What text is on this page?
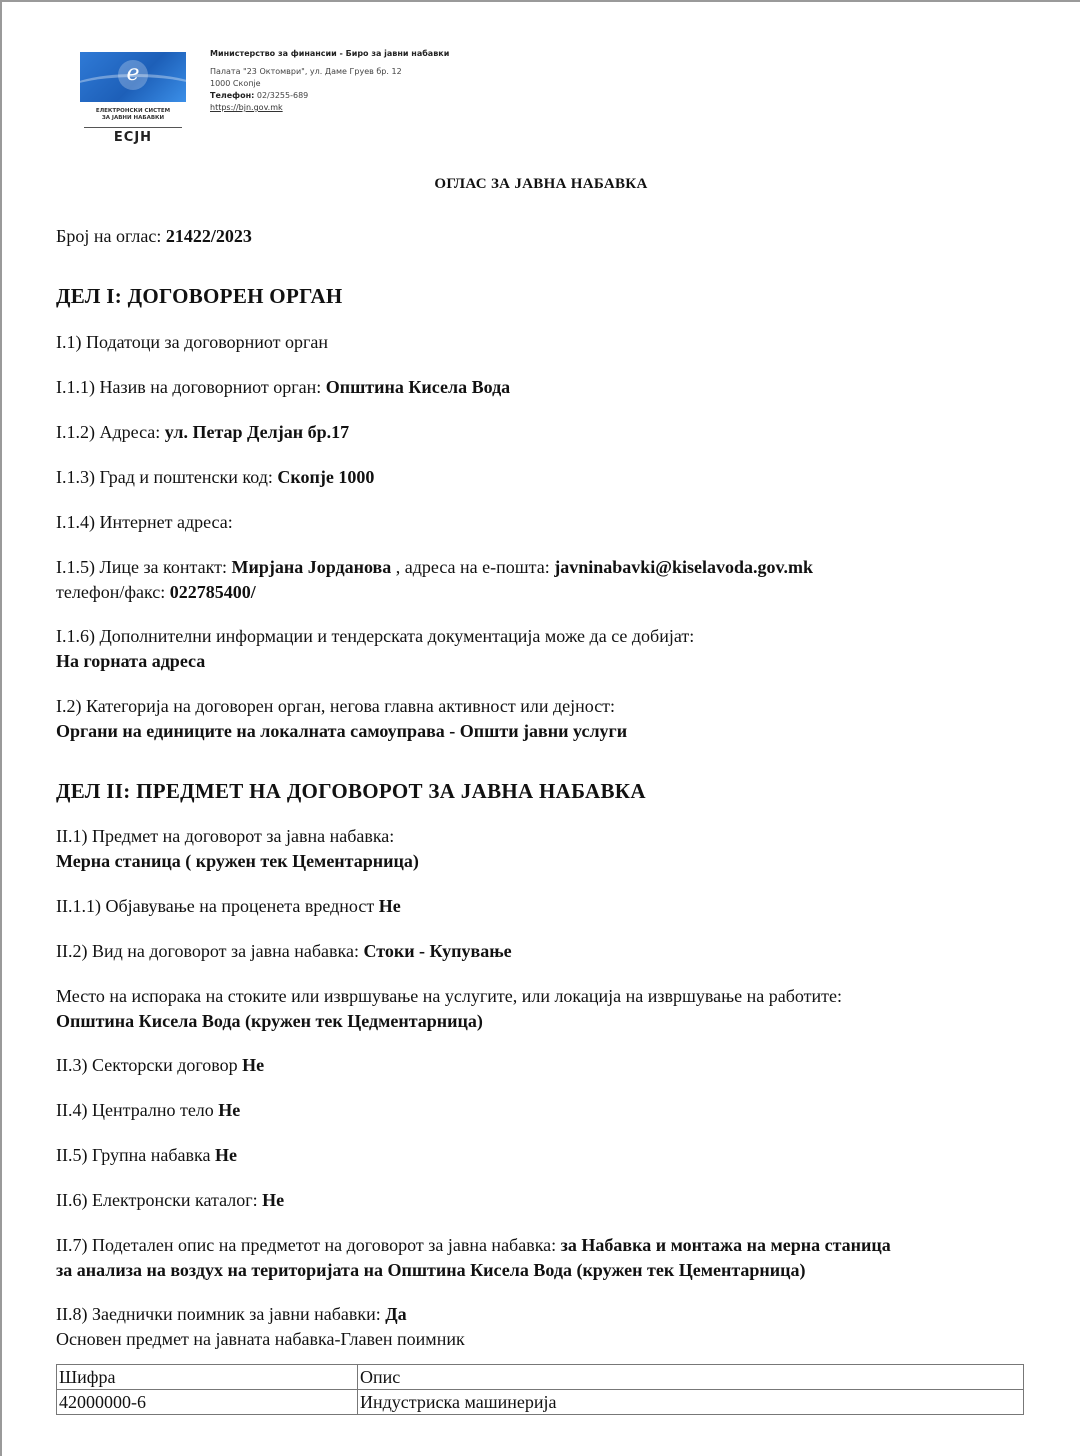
e
ЕЛЕКТРОНСКИ СИСТЕМ
ЗА ЈАВНИ НАБАВКИ
ЕСЈН
Министерство за финансии - Биро за јавни набавки
Палата "23 Октомври", ул. Даме Груев бр. 12
1000 Скопје
Телефон: 02/3255-689
https://bjn.gov.mk
ОГЛАС ЗА ЈАВНА НАБАВКА
Број на оглас: 21422/2023
ДЕЛ I: ДОГОВОРЕН ОРГАН
I.1) Податоци за договорниот орган
I.1.1) Назив на договорниот орган: Општина Кисела Вода
I.1.2) Адреса: ул. Петар Делјан бр.17
I.1.3) Град и поштенски код: Скопје 1000
I.1.4) Интернет адреса:
I.1.5) Лице за контакт: Мирјана Јорданова , адреса на е-пошта: javninabavki@kiselavoda.gov.mk
телефон/факс: 022785400/
I.1.6) Дополнителни информации и тендерската документација може да се добијат:
На горната адреса
I.2) Категорија на договорен орган, негова главна активност или дејност:
Органи на единиците на локалната самоуправа - Општи јавни услуги
ДЕЛ II: ПРЕДМЕТ НА ДОГОВОРОТ ЗА ЈАВНА НАБАВКА
II.1) Предмет на договорот за јавна набавка:
Мерна станица ( кружен тек Цементарница)
II.1.1) Објавување на проценета вредност Не
II.2) Вид на договорот за јавна набавка: Стоки - Купување
Место на испорака на стоките или извршување на услугите, или локација на извршување на работите:
Општина Кисела Вода (кружен тек Цедментарница)
II.3) Секторски договор Не
II.4) Централно тело Не
II.5) Групна набавка Не
II.6) Електронски каталог: Не
II.7) Подетален опис на предметот на договорот за јавна набавка: за Набавка и монтажа на мерна станица
за анализа на воздух на територијата на Општина Кисела Вода (кружен тек Цементарница)
II.8) Заеднички поимник за јавни набавки: Да
Основен предмет на јавната набавка-Главен поимник
Шифра	Опис
42000000-6	Индустриска машинерија
